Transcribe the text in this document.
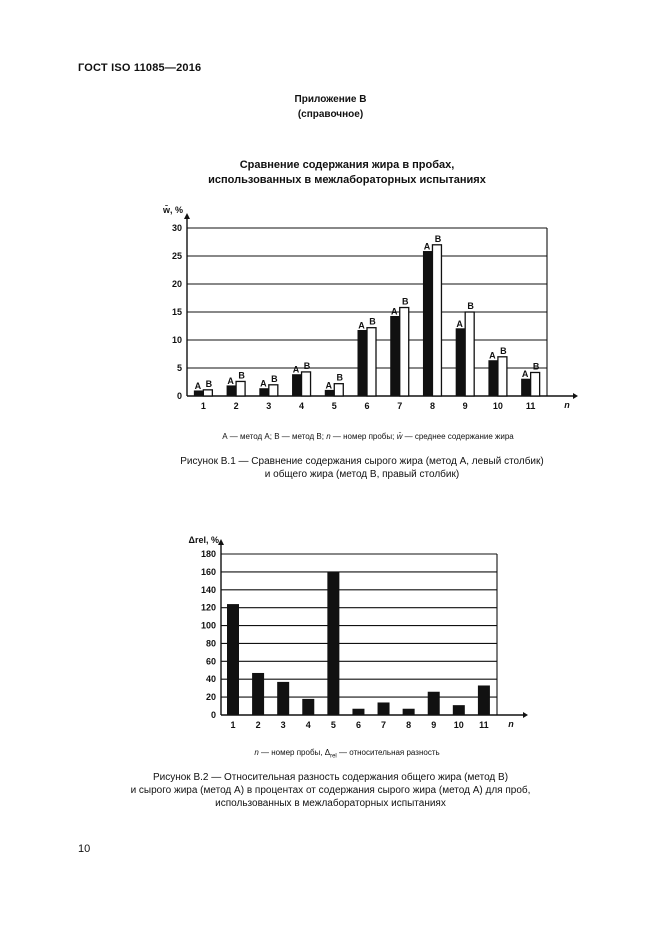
ГОСТ ISO 11085—2016
Приложение В
(справочное)
Сравнение содержания жира в пробах,
использованных в межлабораторных испытаниях
0
5
10
15
20
25
30
w̄, %
n
1
А В
2
А
В
3
А В
4
А В
5
А
В
6
А В
7
А
В
8
А
В
9
А
В
10
А В
11
А
В
А — метод А; В — метод В; n — номер пробы; w̄ — среднее содержание жира
Рисунок В.1 — Сравнение содержания сырого жира (метод А, левый столбик)
и общего жира (метод В, правый столбик)
0
20
40
60
80
100
120
140
160
180
Δrel, %
n
1 2 3 4 5 6 7 8 9 10 11
n — номер пробы, $\Delta_{rel}$ — относительная разность
Рисунок В.2 — Относительная разность содержания общего жира (метод В)
и сырого жира (метод А) в процентах от содержания сырого жира (метод А) для проб,
использованных в межлабораторных испытаниях
10
